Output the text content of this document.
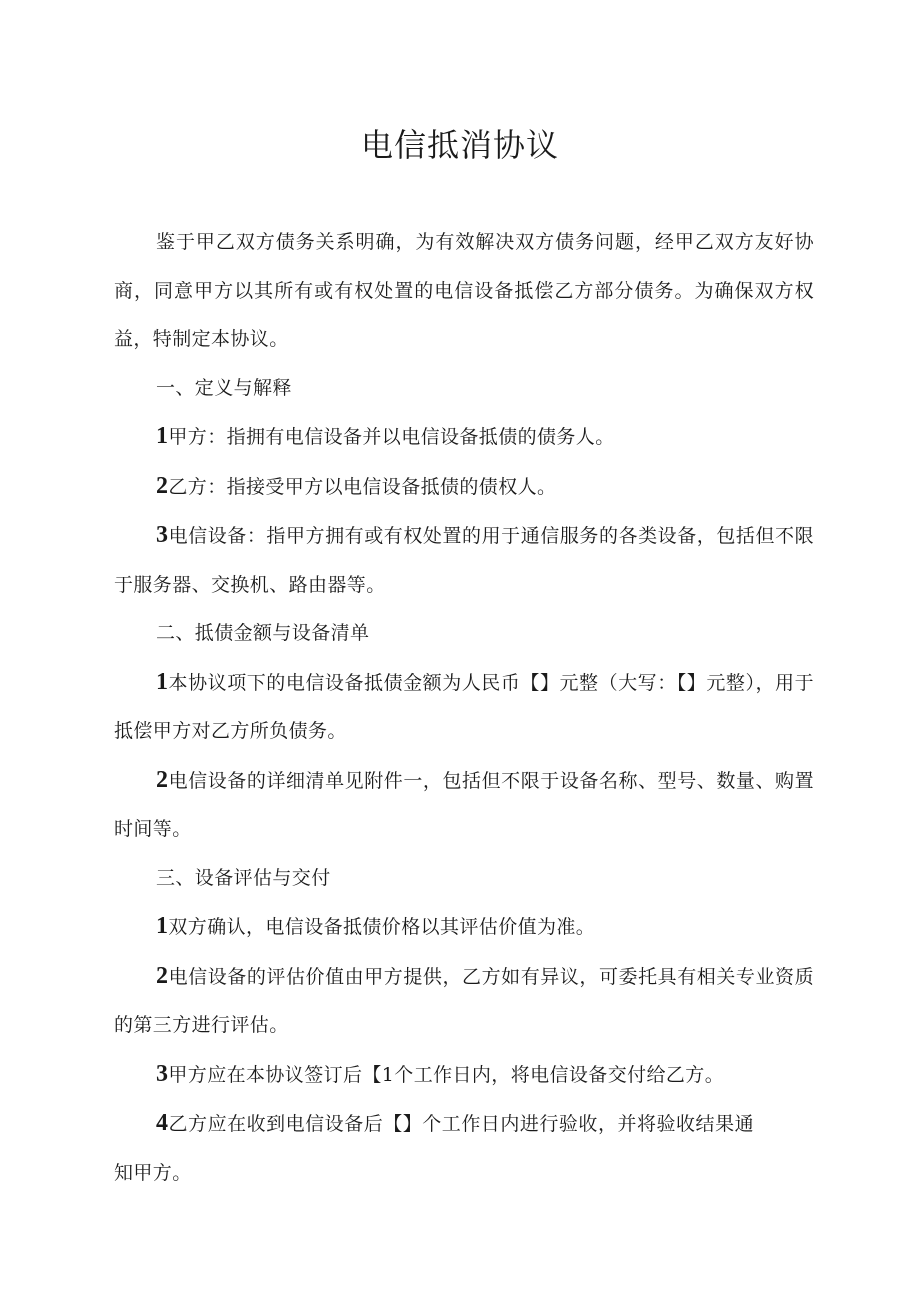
电信抵消协议

鉴于甲乙双方债务关系明确，为有效解决双方债务问题，经甲乙双方友好协商，同意甲方以其所有或有权处置的电信设备抵偿乙方部分债务。为确保双方权益，特制定本协议。

一、定义与解释

1甲方：指拥有电信设备并以电信设备抵债的债务人。

2乙方：指接受甲方以电信设备抵债的债权人。

3电信设备：指甲方拥有或有权处置的用于通信服务的各类设备，包括但不限于服务器、交换机、路由器等。

二、抵债金额与设备清单

1本协议项下的电信设备抵债金额为人民币【】元整（大写：【】元整），用于抵偿甲方对乙方所负债务。

2电信设备的详细清单见附件一，包括但不限于设备名称、型号、数量、购置时间等。

三、设备评估与交付

1双方确认，电信设备抵债价格以其评估价值为准。

2电信设备的评估价值由甲方提供，乙方如有异议，可委托具有相关专业资质的第三方进行评估。

3甲方应在本协议签订后【1个工作日内，将电信设备交付给乙方。

4乙方应在收到电信设备后【】个工作日内进行验收，并将验收结果通知甲方。
